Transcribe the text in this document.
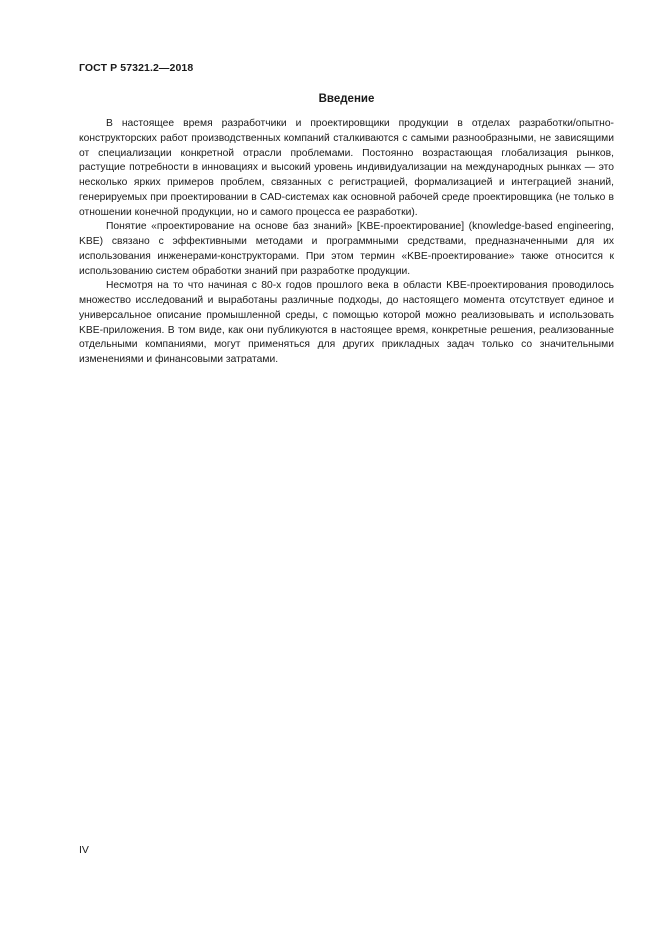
ГОСТ Р 57321.2—2018
Введение

В настоящее время разработчики и проектировщики продукции в отделах разработки/опытно-конструкторских работ производственных компаний сталкиваются с самыми разнообразными, не зависящими от специализации конкретной отрасли проблемами. Постоянно возрастающая глобализация рынков, растущие потребности в инновациях и высокий уровень индивидуализации на международных рынках — это несколько ярких примеров проблем, связанных с регистрацией, формализацией и интеграцией знаний, генерируемых при проектировании в CAD-системах как основной рабочей среде проектировщика (не только в отношении конечной продукции, но и самого процесса ее разработки).

Понятие «проектирование на основе баз знаний» [KBE-проектирование] (knowledge-based engineering, KBE) связано с эффективными методами и программными средствами, предназначенными для их использования инженерами-конструкторами. При этом термин «KBE-проектирование» также относится к использованию систем обработки знаний при разработке продукции.

Несмотря на то что начиная с 80-х годов прошлого века в области KBE-проектирования проводилось множество исследований и выработаны различные подходы, до настоящего момента отсутствует единое и универсальное описание промышленной среды, с помощью которой можно реализовывать и использовать KBE-приложения. В том виде, как они публикуются в настоящее время, конкретные решения, реализованные отдельными компаниями, могут применяться для других прикладных задач только со значительными изменениями и финансовыми затратами.

IV
